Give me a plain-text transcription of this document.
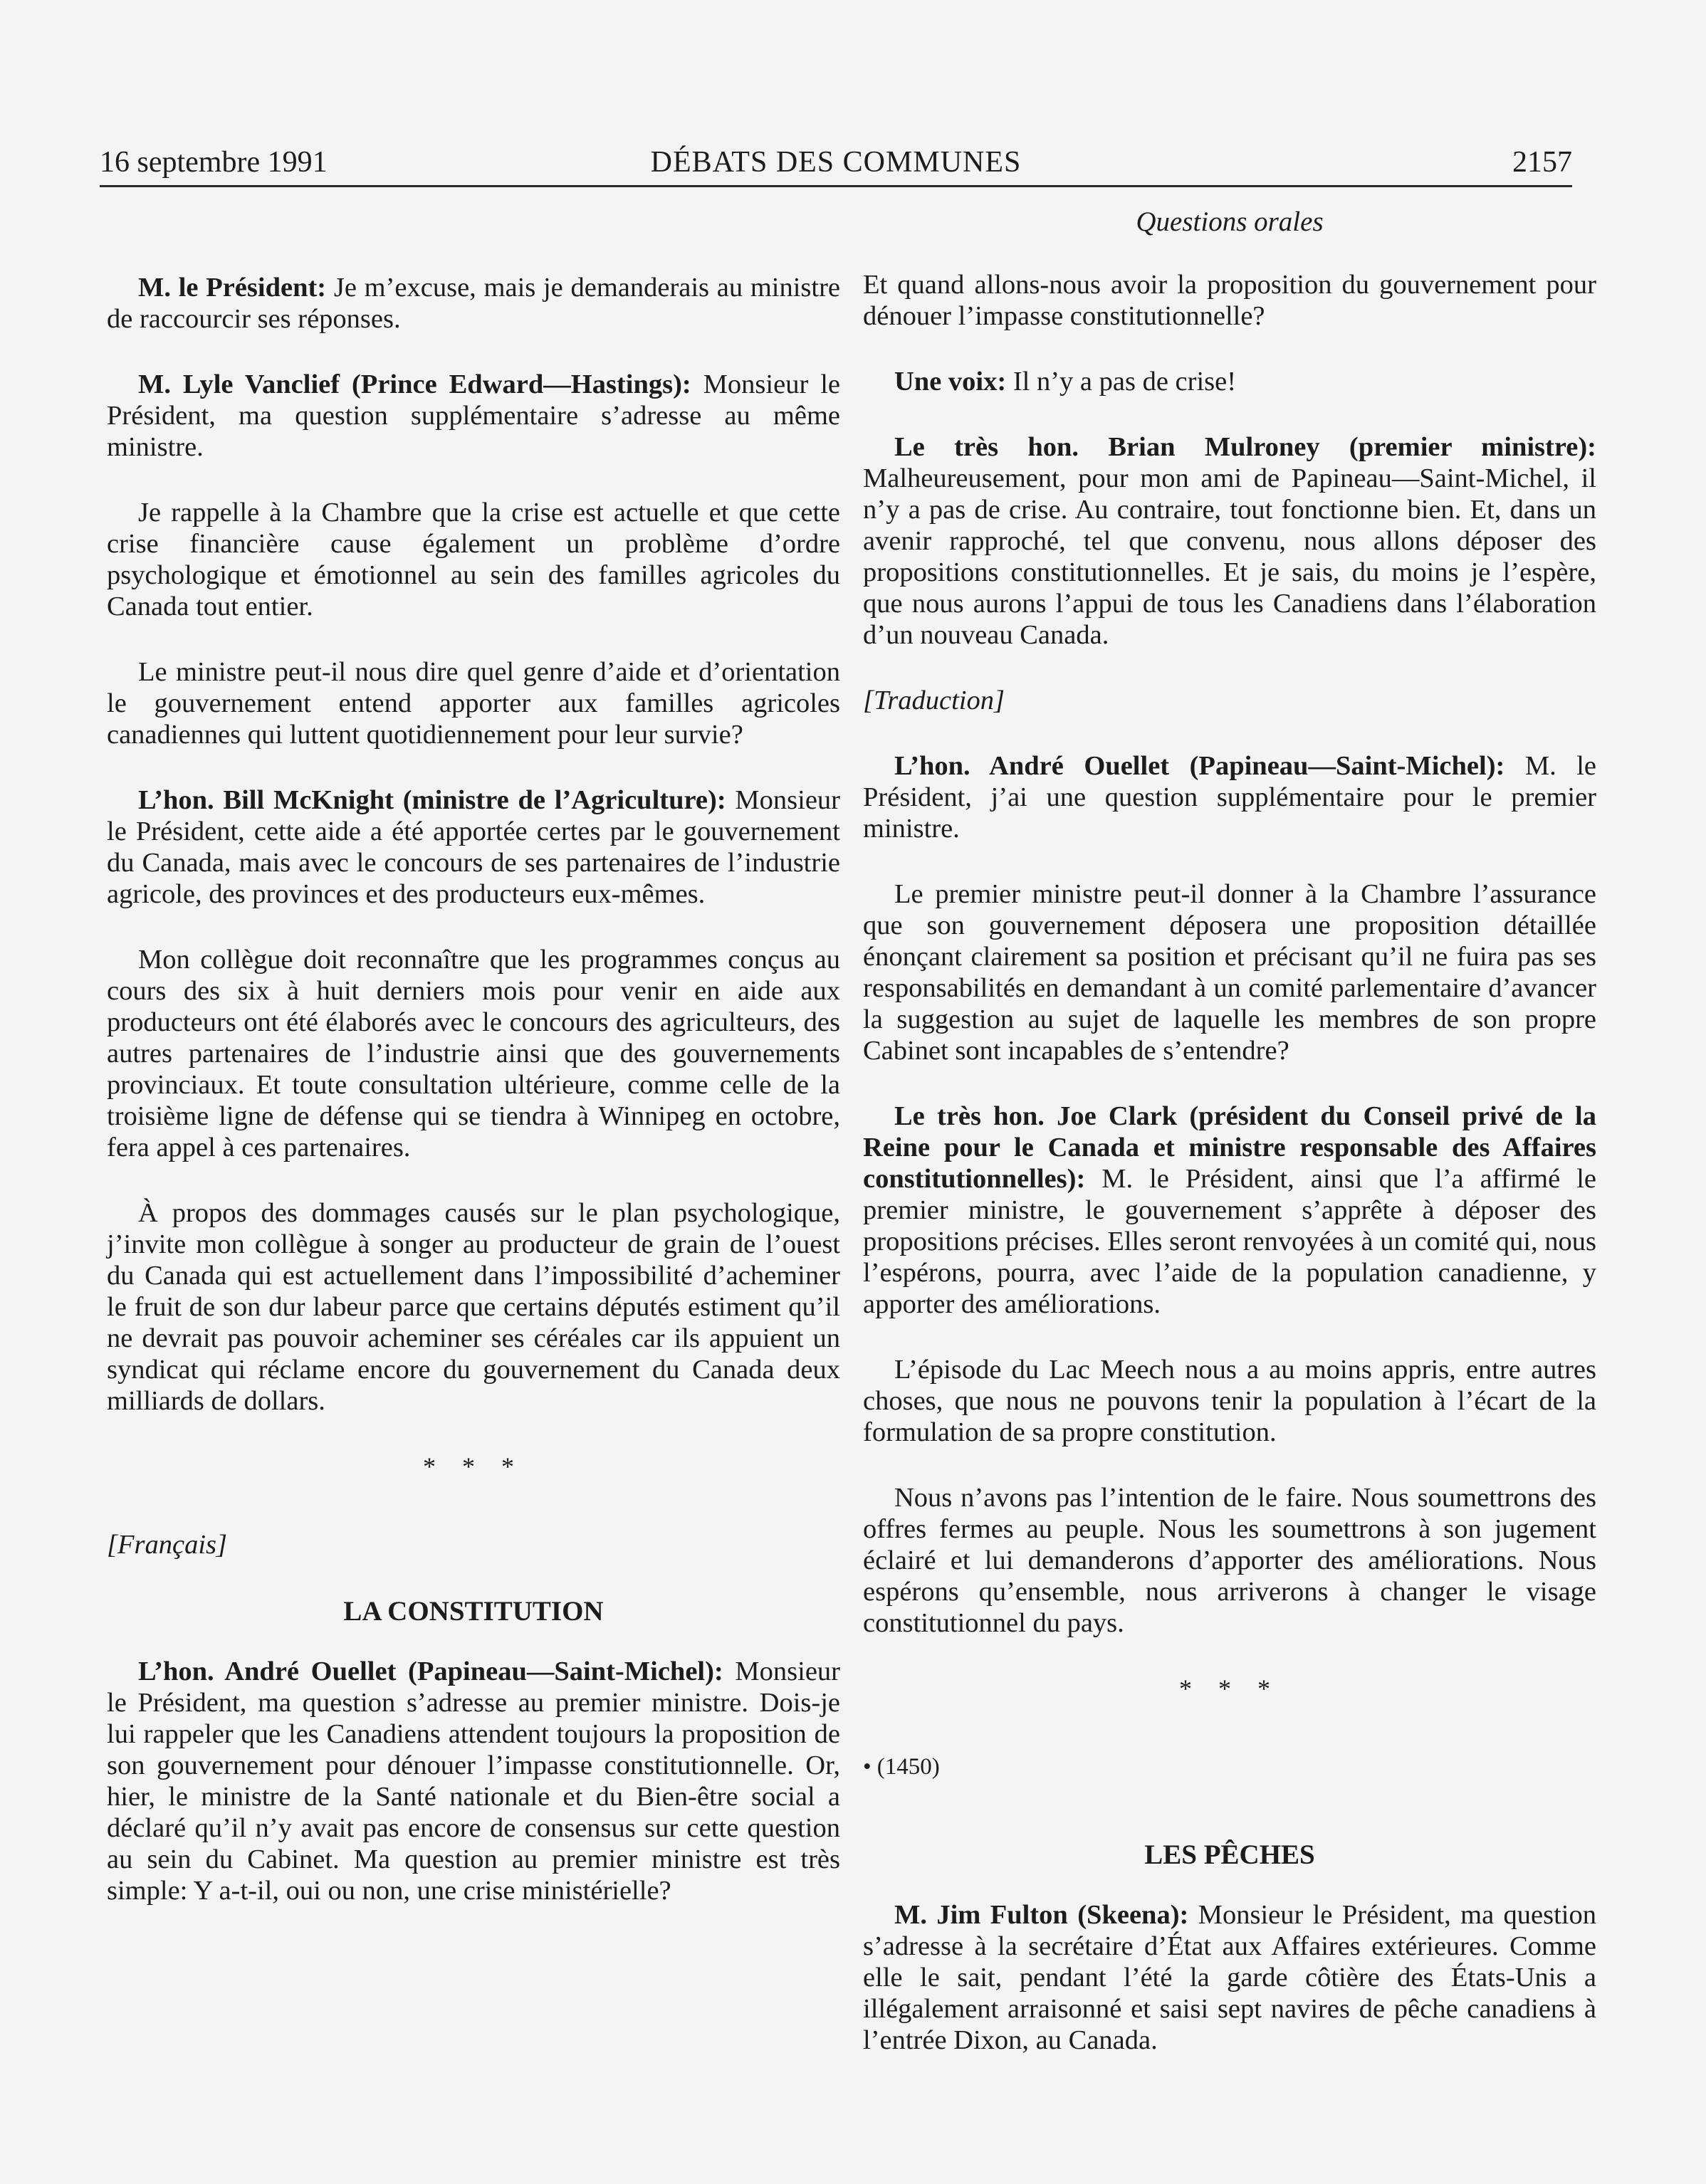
16 septembre 1991	DÉBATS DES COMMUNES	2157

M. le Président: Je m’excuse, mais je demanderais au ministre de raccourcir ses réponses.

M. Lyle Vanclief (Prince Edward—Hastings): Monsieur le Président, ma question supplémentaire s’adresse au même ministre.

Je rappelle à la Chambre que la crise est actuelle et que cette crise financière cause également un problème d’ordre psychologique et émotionnel au sein des familles agricoles du Canada tout entier.

Le ministre peut-il nous dire quel genre d’aide et d’orientation le gouvernement entend apporter aux familles agricoles canadiennes qui luttent quotidiennement pour leur survie?

L’hon. Bill McKnight (ministre de l’Agriculture): Monsieur le Président, cette aide a été apportée certes par le gouvernement du Canada, mais avec le concours de ses partenaires de l’industrie agricole, des provinces et des producteurs eux-mêmes.

Mon collègue doit reconnaître que les programmes conçus au cours des six à huit derniers mois pour venir en aide aux producteurs ont été élaborés avec le concours des agriculteurs, des autres partenaires de l’industrie ainsi que des gouvernements provinciaux. Et toute consultation ultérieure, comme celle de la troisième ligne de défense qui se tiendra à Winnipeg en octobre, fera appel à ces partenaires.

À propos des dommages causés sur le plan psychologique, j’invite mon collègue à songer au producteur de grain de l’ouest du Canada qui est actuellement dans l’impossibilité d’acheminer le fruit de son dur labeur parce que certains députés estiment qu’il ne devrait pas pouvoir acheminer ses céréales car ils appuient un syndicat qui réclame encore du gouvernement du Canada deux milliards de dollars.

* * *
[Français]
LA CONSTITUTION

L’hon. André Ouellet (Papineau—Saint-Michel): Monsieur le Président, ma question s’adresse au premier ministre. Dois-je lui rappeler que les Canadiens attendent toujours la proposition de son gouvernement pour dénouer l’impasse constitutionnelle. Or, hier, le ministre de la Santé nationale et du Bien-être social a déclaré qu’il n’y avait pas encore de consensus sur cette question au sein du Cabinet. Ma question au premier ministre est très simple: Y a-t-il, oui ou non, une crise ministérielle?

Questions orales

Et quand allons-nous avoir la proposition du gouvernement pour dénouer l’impasse constitutionnelle?

Une voix: Il n’y a pas de crise!

Le très hon. Brian Mulroney (premier ministre): Malheureusement, pour mon ami de Papineau—Saint-Michel, il n’y a pas de crise. Au contraire, tout fonctionne bien. Et, dans un avenir rapproché, tel que convenu, nous allons déposer des propositions constitutionnelles. Et je sais, du moins je l’espère, que nous aurons l’appui de tous les Canadiens dans l’élaboration d’un nouveau Canada.

[Traduction]

L’hon. André Ouellet (Papineau—Saint-Michel): M. le Président, j’ai une question supplémentaire pour le premier ministre.

Le premier ministre peut-il donner à la Chambre l’assurance que son gouvernement déposera une proposition détaillée énonçant clairement sa position et précisant qu’il ne fuira pas ses responsabilités en demandant à un comité parlementaire d’avancer la suggestion au sujet de laquelle les membres de son propre Cabinet sont incapables de s’entendre?

Le très hon. Joe Clark (président du Conseil privé de la Reine pour le Canada et ministre responsable des Affaires constitutionnelles): M. le Président, ainsi que l’a affirmé le premier ministre, le gouvernement s’apprête à déposer des propositions précises. Elles seront renvoyées à un comité qui, nous l’espérons, pourra, avec l’aide de la population canadienne, y apporter des améliorations.

L’épisode du Lac Meech nous a au moins appris, entre autres choses, que nous ne pouvons tenir la population à l’écart de la formulation de sa propre constitution.

Nous n’avons pas l’intention de le faire. Nous soumettrons des offres fermes au peuple. Nous les soumettrons à son jugement éclairé et lui demanderons d’apporter des améliorations. Nous espérons qu’ensemble, nous arriverons à changer le visage constitutionnel du pays.

* * *
• (1450)
LES PÊCHES

M. Jim Fulton (Skeena): Monsieur le Président, ma question s’adresse à la secrétaire d’État aux Affaires extérieures. Comme elle le sait, pendant l’été la garde côtière des États-Unis a illégalement arraisonné et saisi sept navires de pêche canadiens à l’entrée Dixon, au Canada.
